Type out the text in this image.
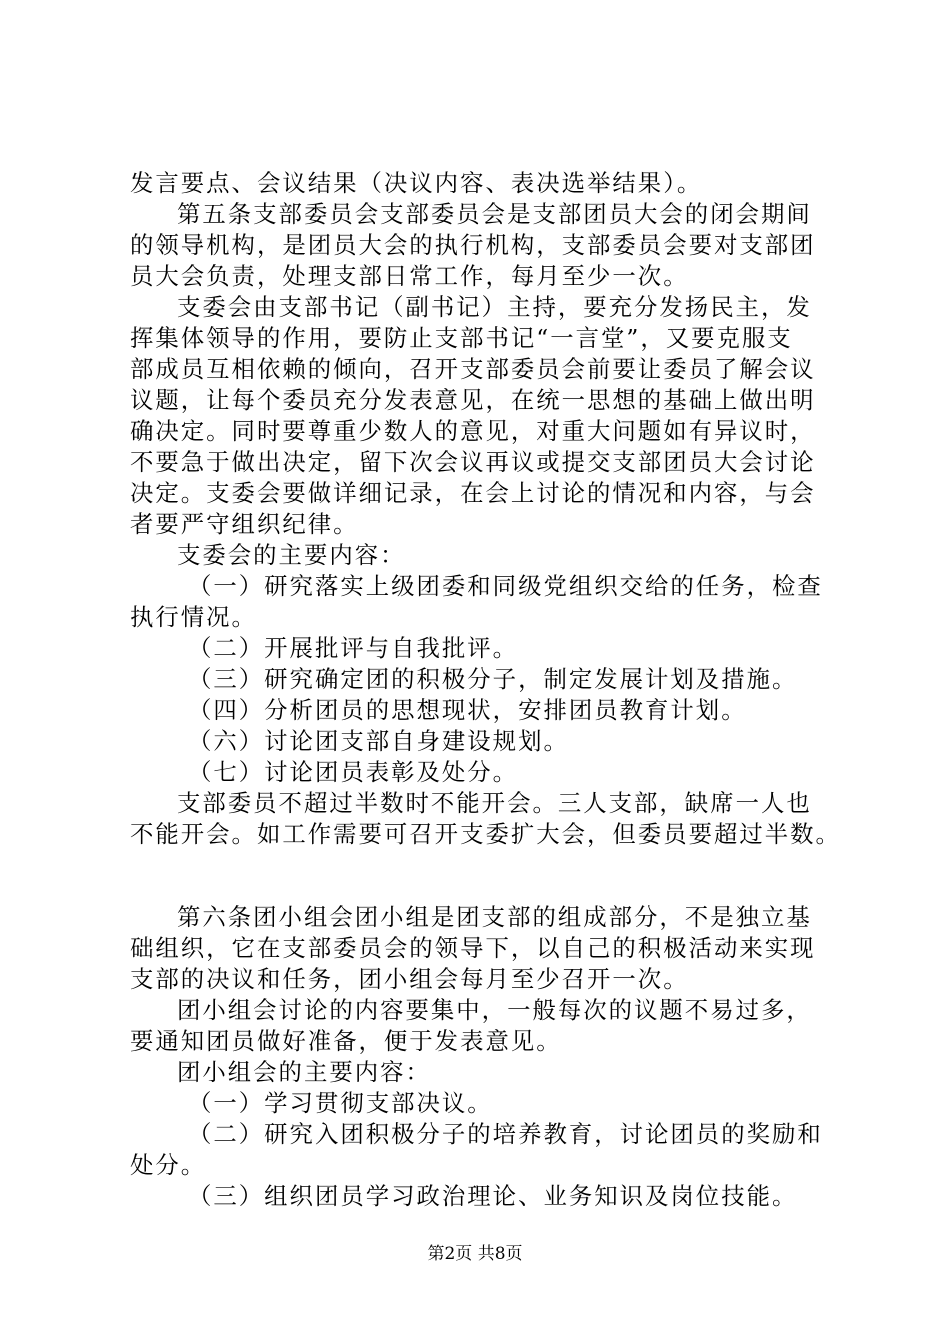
发言要点、会议结果（决议内容、表决选举结果）。
第五条支部委员会支部委员会是支部团员大会的闭会期间
的领导机构，是团员大会的执行机构，支部委员会要对支部团
员大会负责，处理支部日常工作，每月至少一次。
支委会由支部书记（副书记）主持，要充分发扬民主，发
挥集体领导的作用，要防止支部书记“一言堂”，又要克服支
部成员互相依赖的倾向，召开支部委员会前要让委员了解会议
议题，让每个委员充分发表意见，在统一思想的基础上做出明
确决定。同时要尊重少数人的意见，对重大问题如有异议时，
不要急于做出决定，留下次会议再议或提交支部团员大会讨论
决定。支委会要做详细记录，在会上讨论的情况和内容，与会
者要严守组织纪律。
支委会的主要内容：
（一）研究落实上级团委和同级党组织交给的任务，检查
执行情况。
（二）开展批评与自我批评。
（三）研究确定团的积极分子，制定发展计划及措施。
（四）分析团员的思想现状，安排团员教育计划。
（六）讨论团支部自身建设规划。
（七）讨论团员表彰及处分。
支部委员不超过半数时不能开会。三人支部，缺席一人也
不能开会。如工作需要可召开支委扩大会，但委员要超过半数。
第六条团小组会团小组是团支部的组成部分，不是独立基
础组织，它在支部委员会的领导下，以自己的积极活动来实现
支部的决议和任务，团小组会每月至少召开一次。
团小组会讨论的内容要集中，一般每次的议题不易过多，
要通知团员做好准备，便于发表意见。
团小组会的主要内容：
（一）学习贯彻支部决议。
（二）研究入团积极分子的培养教育，讨论团员的奖励和
处分。
（三）组织团员学习政治理论、业务知识及岗位技能。
第2页 共8页
